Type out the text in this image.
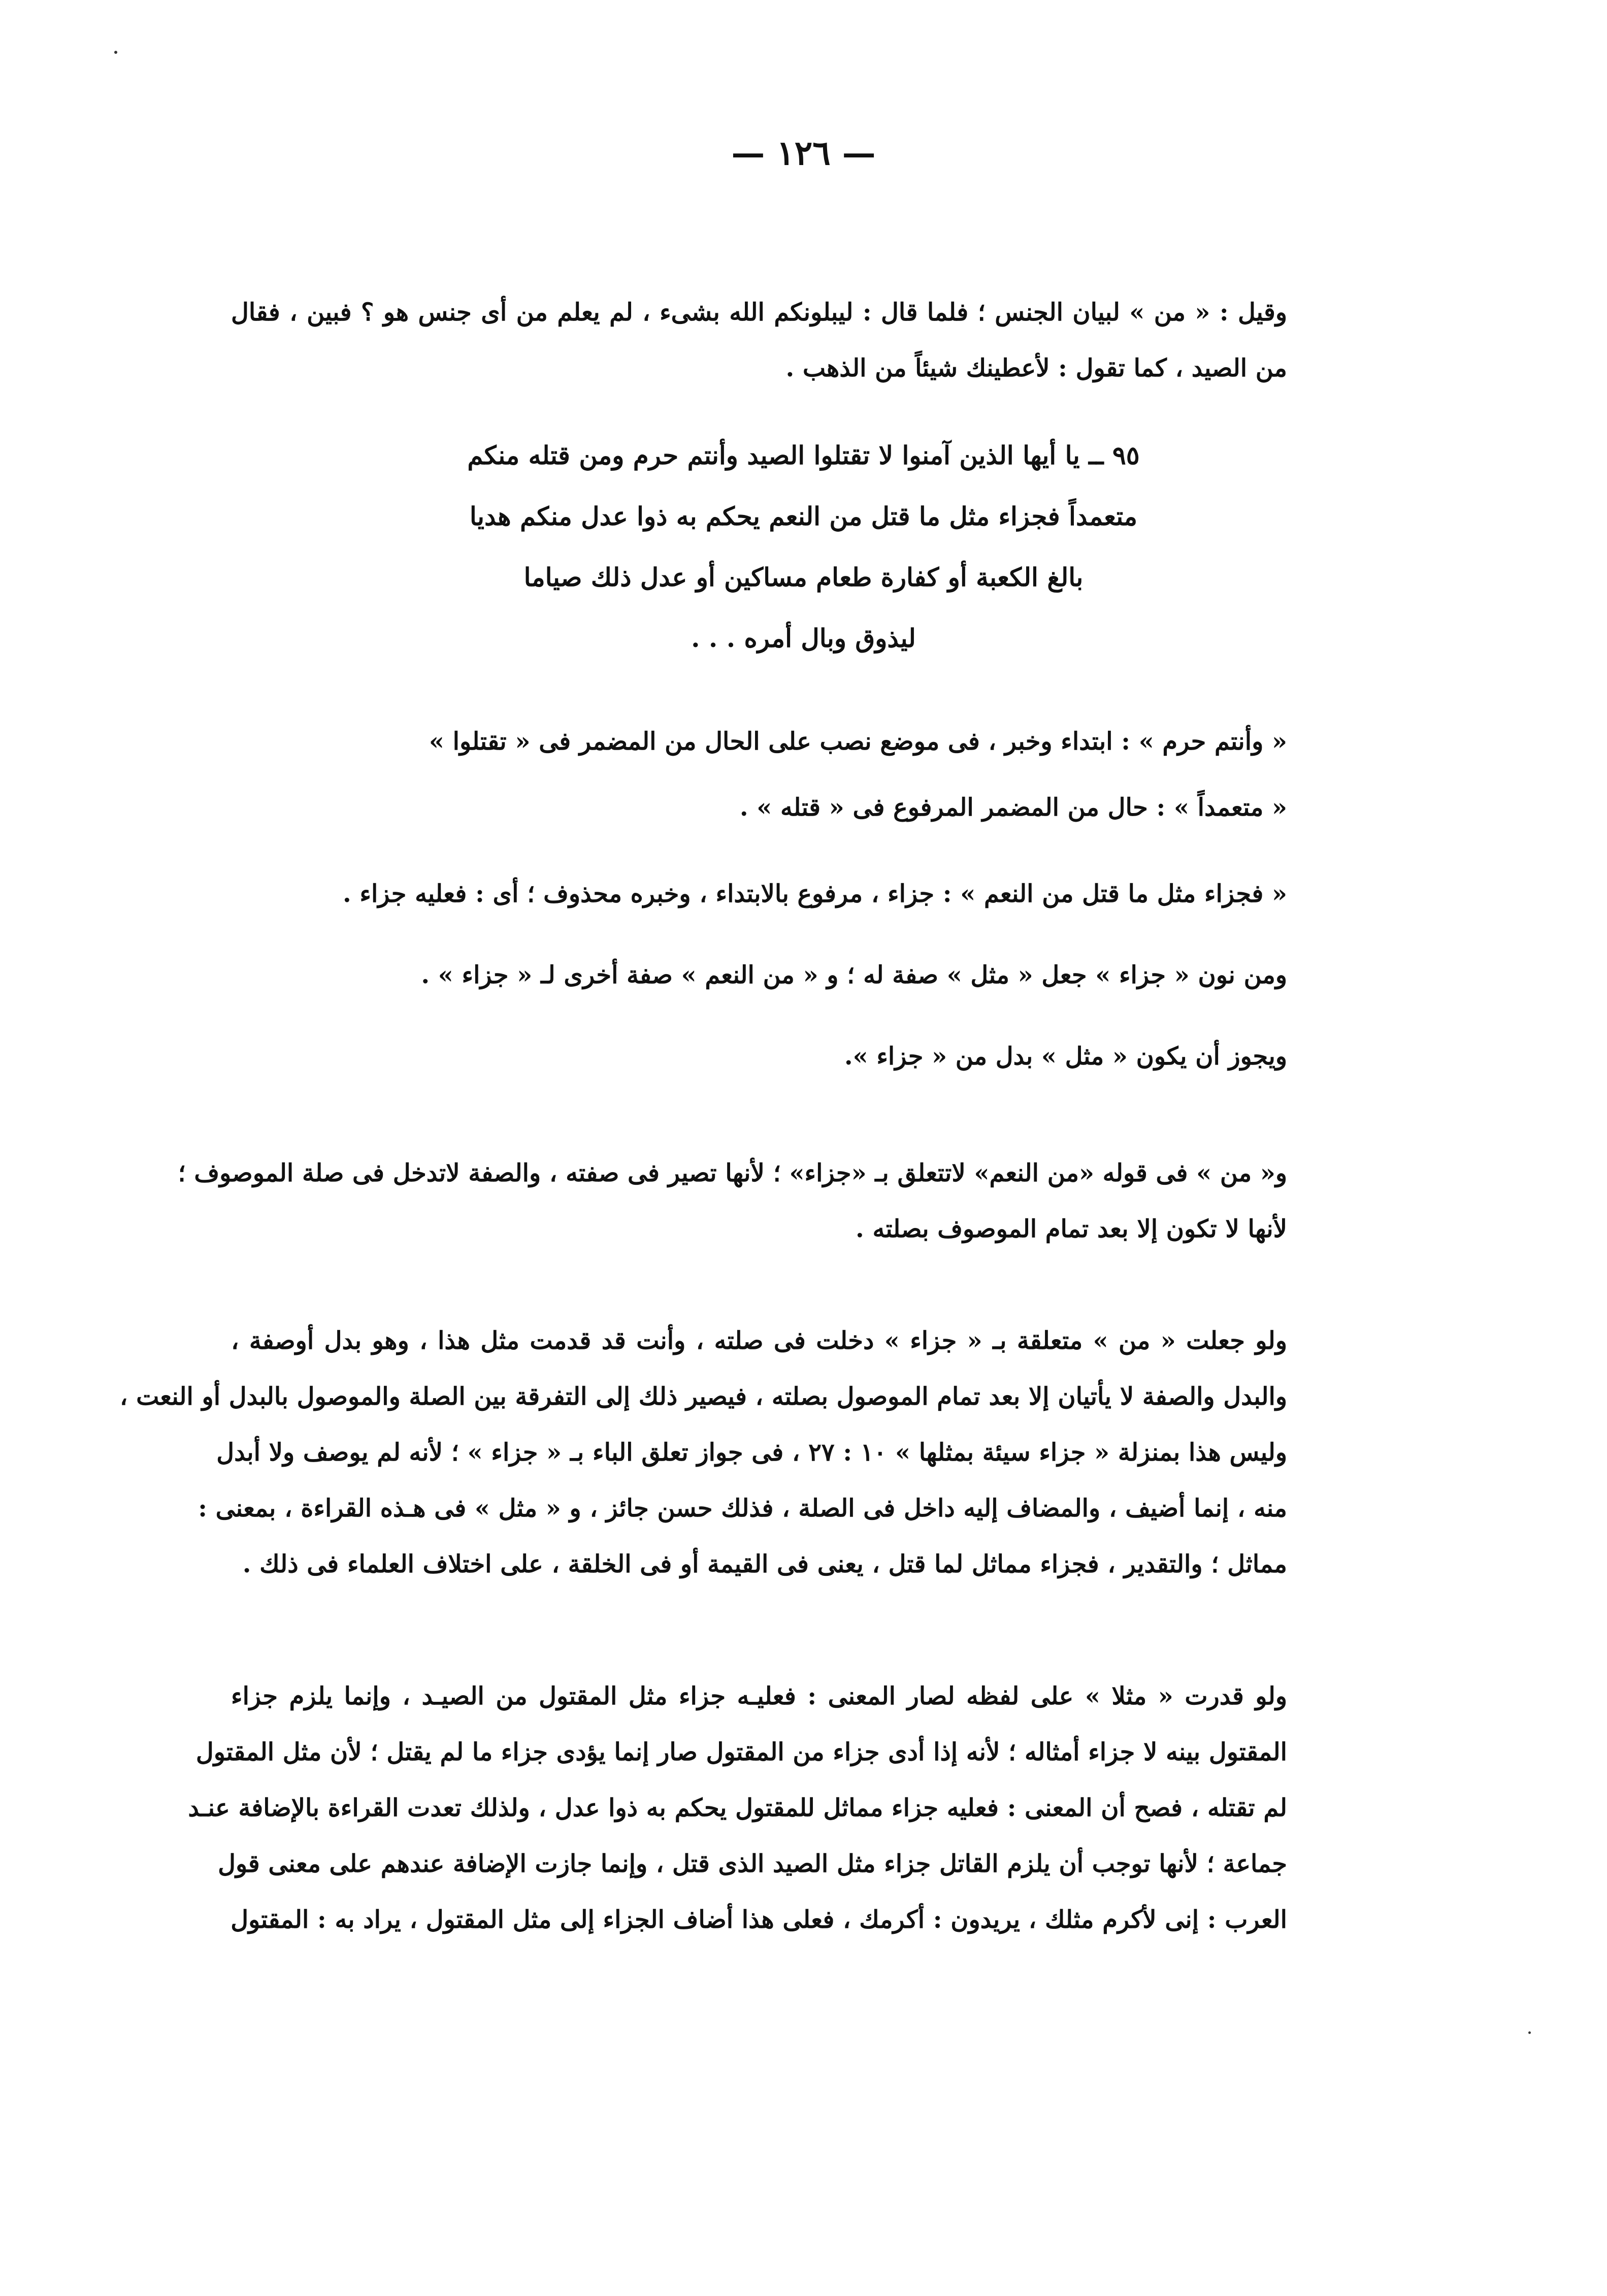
— ١٢٦ —
وقيل : « من » لبيان الجنس ؛ فلما قال : ليبلونكم الله بشىء ، لم يعلم من أى جنس هو ؟ فبين ، فقال
من الصيد ، كما تقول : لأعطينك شيئاً من الذهب .
٩٥ ــ يا أيها الذين آمنوا لا تقتلوا الصيد وأنتم حرم ومن قتله منكم
متعمداً فجزاء مثل ما قتل من النعم يحكم به ذوا عدل منكم هديا
بالغ الكعبة أو كفارة طعام مساكين أو عدل ذلك صياما
ليذوق وبال أمره . . .
« وأنتم حرم » : ابتداء وخبر ، فى موضع نصب على الحال من المضمر فى « تقتلوا »
« متعمداً » : حال من المضمر المرفوع فى « قتله » .
« فجزاء مثل ما قتل من النعم » : جزاء ، مرفوع بالابتداء ، وخبره محذوف ؛ أى : فعليه جزاء .
ومن نون « جزاء » جعل « مثل » صفة له ؛ و « من النعم » صفة أخرى لـ « جزاء » .
ويجوز أن يكون « مثل » بدل من « جزاء ».
و« من » فى قوله «من النعم» لاتتعلق بـ «جزاء» ؛ لأنها تصير فى صفته ، والصفة لاتدخل فى صلة الموصوف ؛
لأنها لا تكون إلا بعد تمام الموصوف بصلته .
ولو جعلت « من » متعلقة بـ « جزاء » دخلت فى صلته ، وأنت قد قدمت مثل هذا ، وهو بدل أوصفة ،
والبدل والصفة لا يأتيان إلا بعد تمام الموصول بصلته ، فيصير ذلك إلى التفرقة بين الصلة والموصول بالبدل أو النعت ،
وليس هذا بمنزلة « جزاء سيئة بمثلها » ١٠ : ٢٧ ، فى جواز تعلق الباء بـ « جزاء » ؛ لأنه لم يوصف ولا أبدل
منه ، إنما أضيف ، والمضاف إليه داخل فى الصلة ، فذلك حسن جائز ، و « مثل » فى هـذه القراءة ، بمعنى :
مماثل ؛ والتقدير ، فجزاء مماثل لما قتل ، يعنى فى القيمة أو فى الخلقة ، على اختلاف العلماء فى ذلك .
ولو قدرت « مثلا » على لفظه لصار المعنى : فعليـه جزاء مثل المقتول من الصيـد ، وإنما يلزم جزاء
المقتول بينه لا جزاء أمثاله ؛ لأنه إذا أدى جزاء من المقتول صار إنما يؤدى جزاء ما لم يقتل ؛ لأن مثل المقتول
لم تقتله ، فصح أن المعنى : فعليه جزاء مماثل للمقتول يحكم به ذوا عدل ، ولذلك تعدت القراءة بالإضافة عنـد
جماعة ؛ لأنها توجب أن يلزم القاتل جزاء مثل الصيد الذى قتل ، وإنما جازت الإضافة عندهم على معنى قول
العرب : إنى لأكرم مثلك ، يريدون : أكرمك ، فعلى هذا أضاف الجزاء إلى مثل المقتول ، يراد به : المقتول
